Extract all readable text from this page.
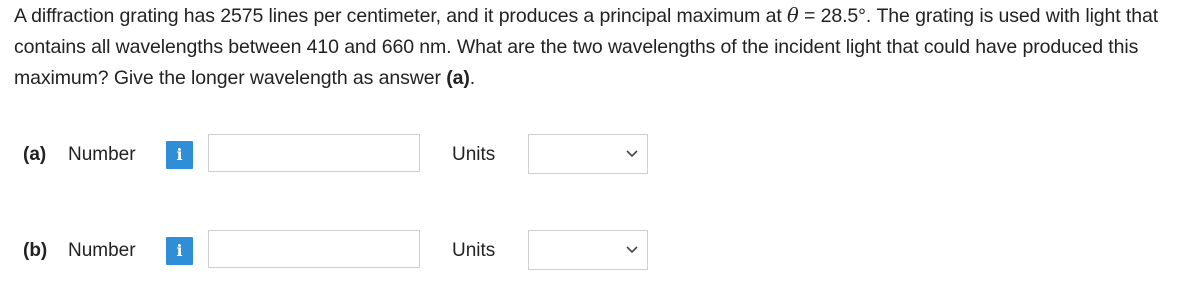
A diffraction grating has 2575 lines per centimeter, and it produces a principal maximum at θ = 28.5°. The grating is used with light that contains all wavelengths between 410 and 660 nm. What are the two wavelengths of the incident light that could have produced this maximum? Give the longer wavelength as answer (a).
(a) Number	i	Units
(b) Number	i	Units
